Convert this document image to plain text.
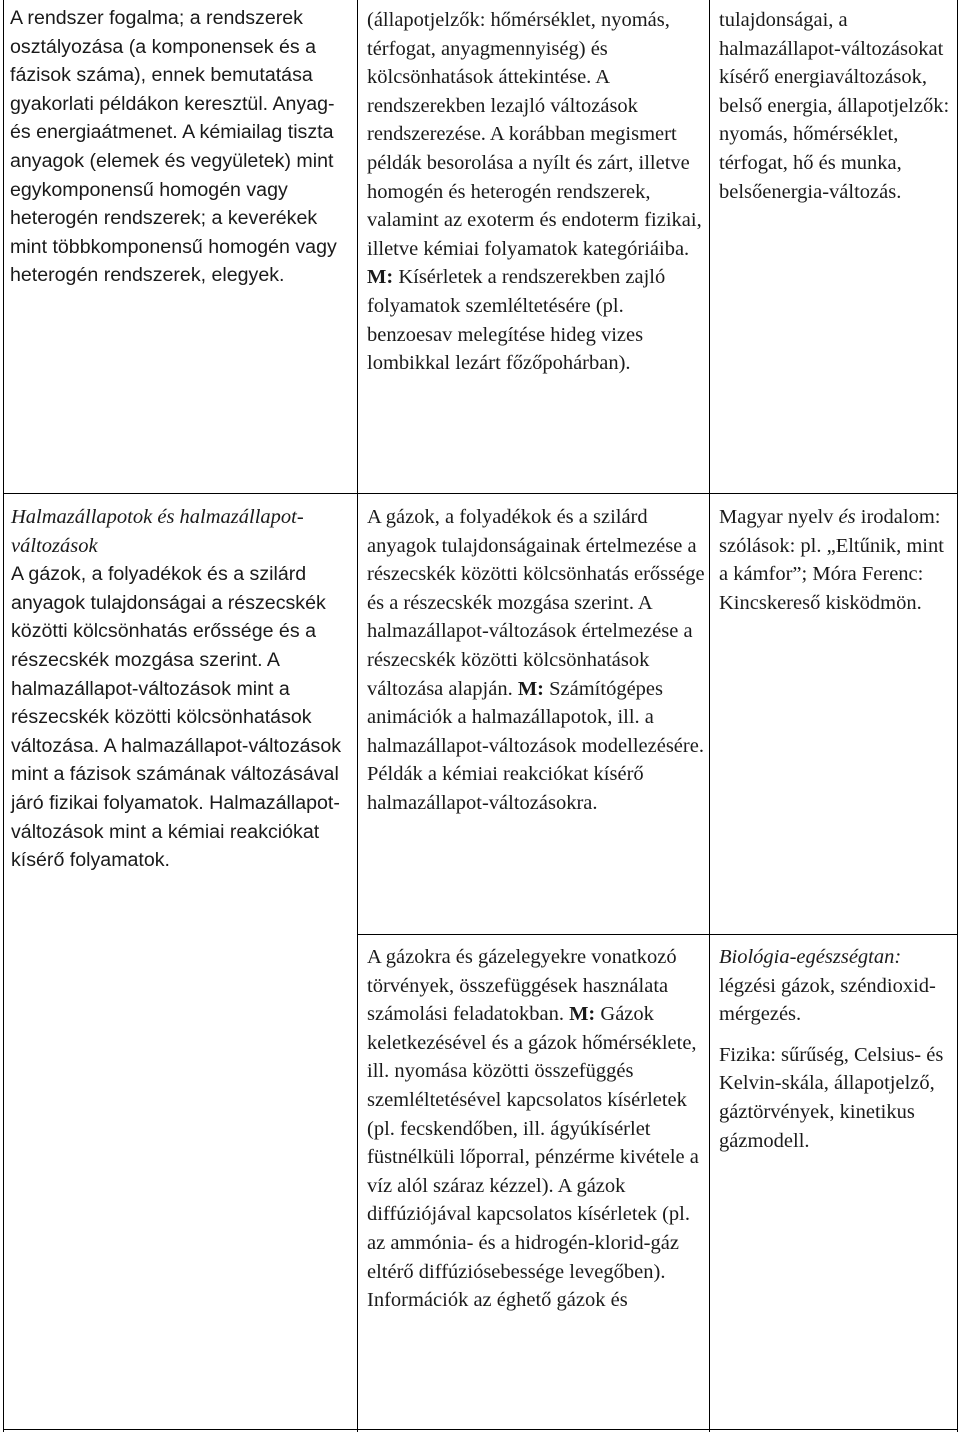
A rendszer fogalma; a rendszerek osztályozása (a komponensek és a fázisok száma), ennek bemutatása gyakorlati példákon keresztül. Anyag- és energiaátmenet. A kémiailag tiszta anyagok (elemek és vegyületek) mint egykomponensű homogén vagy heterogén rendszerek; a keverékek mint többkomponensű homogén vagy heterogén rendszerek, elegyek.

(állapotjelzők: hőmérséklet, nyomás, térfogat, anyagmennyiség) és kölcsönhatások áttekintése. A rendszerekben lezajló változások rendszerezése. A korábban megismert példák besorolása a nyílt és zárt, illetve homogén és heterogén rendszerek, valamint az exoterm és endoterm fizikai, illetve kémiai folyamatok kategóriáiba. M: Kísérletek a rendszerekben zajló folyamatok szemléltetésére (pl. benzoesav melegítése hideg vizes lombikkal lezárt főzőpohárban).

tulajdonságai, a halmazállapot-változásokat kísérő energiaváltozások, belső energia, állapotjelzők: nyomás, hőmérséklet, térfogat, hő és munka, belsőenergia-változás.

Halmazállapotok és halmazállapot-változások

A gázok, a folyadékok és a szilárd anyagok tulajdonságai a részecskék közötti kölcsönhatás erőssége és a részecskék mozgása szerint. A halmazállapot-változások mint a részecskék közötti kölcsönhatások változása. A halmazállapot-változások mint a fázisok számának változásával járó fizikai folyamatok. Halmazállapot-változások mint a kémiai reakciókat kísérő folyamatok.

A gázok, a folyadékok és a szilárd anyagok tulajdonságainak értelmezése a részecskék közötti kölcsönhatás erőssége és a részecskék mozgása szerint. A halmazállapot-változások értelmezése a részecskék közötti kölcsönhatások változása alapján. M: Számítógépes animációk a halmazállapotok, ill. a halmazállapot-változások modellezésére. Példák a kémiai reakciókat kísérő halmazállapot-változásokra.

Magyar nyelv és irodalom: szólások: pl. „Eltűnik, mint a kámfor”; Móra Ferenc: Kincskereső kisködmön.

A gázokra és gázelegyekre vonatkozó törvények, összefüggések használata számolási feladatokban. M: Gázok keletkezésével és a gázok hőmérséklete, ill. nyomása közötti összefüggés szemléltetésével kapcsolatos kísérletek (pl. fecskendőben, ill. ágyúkísérlet füstnélküli lőporral, pénzérme kivétele a víz alól száraz kézzel). A gázok diffúziójával kapcsolatos kísérletek (pl. az ammónia- és a hidrogén-klorid-gáz eltérő diffúziósebessége levegőben). Információk az éghető gázok és

Biológia-egészségtan:

légzési gázok, széndioxid-mérgezés.

Fizika: sűrűség, Celsius- és Kelvin-skála, állapotjelző, gáztörvények, kinetikus gázmodell.
